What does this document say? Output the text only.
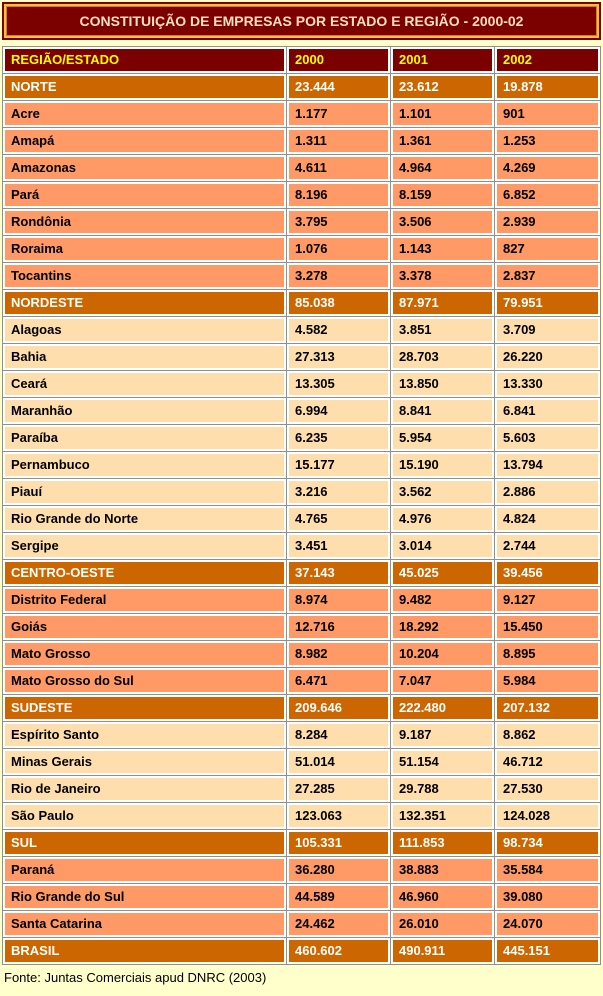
CONSTITUIÇÃO DE EMPRESAS POR ESTADO E REGIÃO - 2000-02
REGIÃO/ESTADO	2000	2001	2002
NORTE	23.444	23.612	19.878
Acre	1.177	1.101	901
Amapá	1.311	1.361	1.253
Amazonas	4.611	4.964	4.269
Pará	8.196	8.159	6.852
Rondônia	3.795	3.506	2.939
Roraima	1.076	1.143	827
Tocantins	3.278	3.378	2.837
NORDESTE	85.038	87.971	79.951
Alagoas	4.582	3.851	3.709
Bahia	27.313	28.703	26.220
Ceará	13.305	13.850	13.330
Maranhão	6.994	8.841	6.841
Paraíba	6.235	5.954	5.603
Pernambuco	15.177	15.190	13.794
Piauí	3.216	3.562	2.886
Rio Grande do Norte	4.765	4.976	4.824
Sergipe	3.451	3.014	2.744
CENTRO-OESTE	37.143	45.025	39.456
Distrito Federal	8.974	9.482	9.127
Goiás	12.716	18.292	15.450
Mato Grosso	8.982	10.204	8.895
Mato Grosso do Sul	6.471	7.047	5.984
SUDESTE	209.646	222.480	207.132
Espírito Santo	8.284	9.187	8.862
Minas Gerais	51.014	51.154	46.712
Rio de Janeiro	27.285	29.788	27.530
São Paulo	123.063	132.351	124.028
SUL	105.331	111.853	98.734
Paraná	36.280	38.883	35.584
Rio Grande do Sul	44.589	46.960	39.080
Santa Catarina	24.462	26.010	24.070
BRASIL	460.602	490.911	445.151
Fonte: Juntas Comerciais apud DNRC (2003)
